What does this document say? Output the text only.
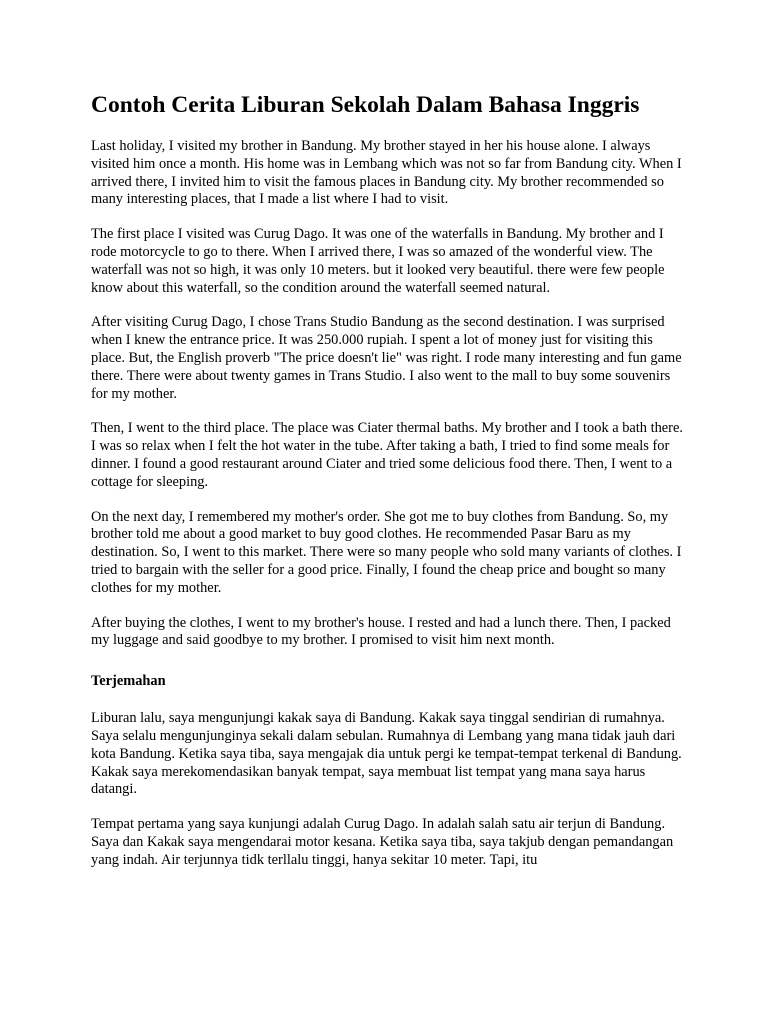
Contoh Cerita Liburan Sekolah Dalam Bahasa Inggris

Last holiday, I visited my brother in Bandung. My brother stayed in her his house alone. I always visited him once a month. His home was in Lembang which was not so far from Bandung city. When I arrived there, I invited him to visit the famous places in Bandung city. My brother recommended so many interesting places, that I made a list where I had to visit.

The first place I visited was Curug Dago. It was one of the waterfalls in Bandung. My brother and I rode motorcycle to go to there. When I arrived there, I was so amazed of the wonderful view. The waterfall was not so high, it was only 10 meters. but it looked very beautiful. there were few people know about this waterfall, so the condition around the waterfall seemed natural.

After visiting Curug Dago, I chose Trans Studio Bandung as the second destination. I was surprised when I knew the entrance price. It was 250.000 rupiah. I spent a lot of money just for visiting this place. But, the English proverb "The price doesn't lie" was right. I rode many interesting and fun game there. There were about twenty games in Trans Studio. I also went to the mall to buy some souvenirs for my mother.

Then, I went to the third place. The place was Ciater thermal baths. My brother and I took a bath there. I was so relax when I felt the hot water in the tube. After taking a bath, I tried to find some meals for dinner. I found a good restaurant around Ciater and tried some delicious food there. Then, I went to a cottage for sleeping.

On the next day, I remembered my mother's order. She got me to buy clothes from Bandung. So, my brother told me about a good market to buy good clothes. He recommended Pasar Baru as my destination. So, I went to this market. There were so many people who sold many variants of clothes. I tried to bargain with the seller for a good price. Finally, I found the cheap price and bought so many clothes for my mother.

After buying the clothes, I went to my brother's house. I rested and had a lunch there. Then, I packed my luggage and said goodbye to my brother. I promised to visit him next month.

Terjemahan

Liburan lalu, saya mengunjungi kakak saya di Bandung. Kakak saya tinggal sendirian di rumahnya. Saya selalu mengunjunginya sekali dalam sebulan. Rumahnya di Lembang yang mana tidak jauh dari kota Bandung. Ketika saya tiba, saya mengajak dia untuk pergi ke tempat-tempat terkenal di Bandung. Kakak saya merekomendasikan banyak tempat, saya membuat list tempat yang mana saya harus datangi.

Tempat pertama yang saya kunjungi adalah Curug Dago. In adalah salah satu air terjun di Bandung. Saya dan Kakak saya mengendarai motor kesana. Ketika saya tiba, saya takjub dengan pemandangan yang indah. Air terjunnya tidk terllalu tinggi, hanya sekitar 10 meter. Tapi, itu
